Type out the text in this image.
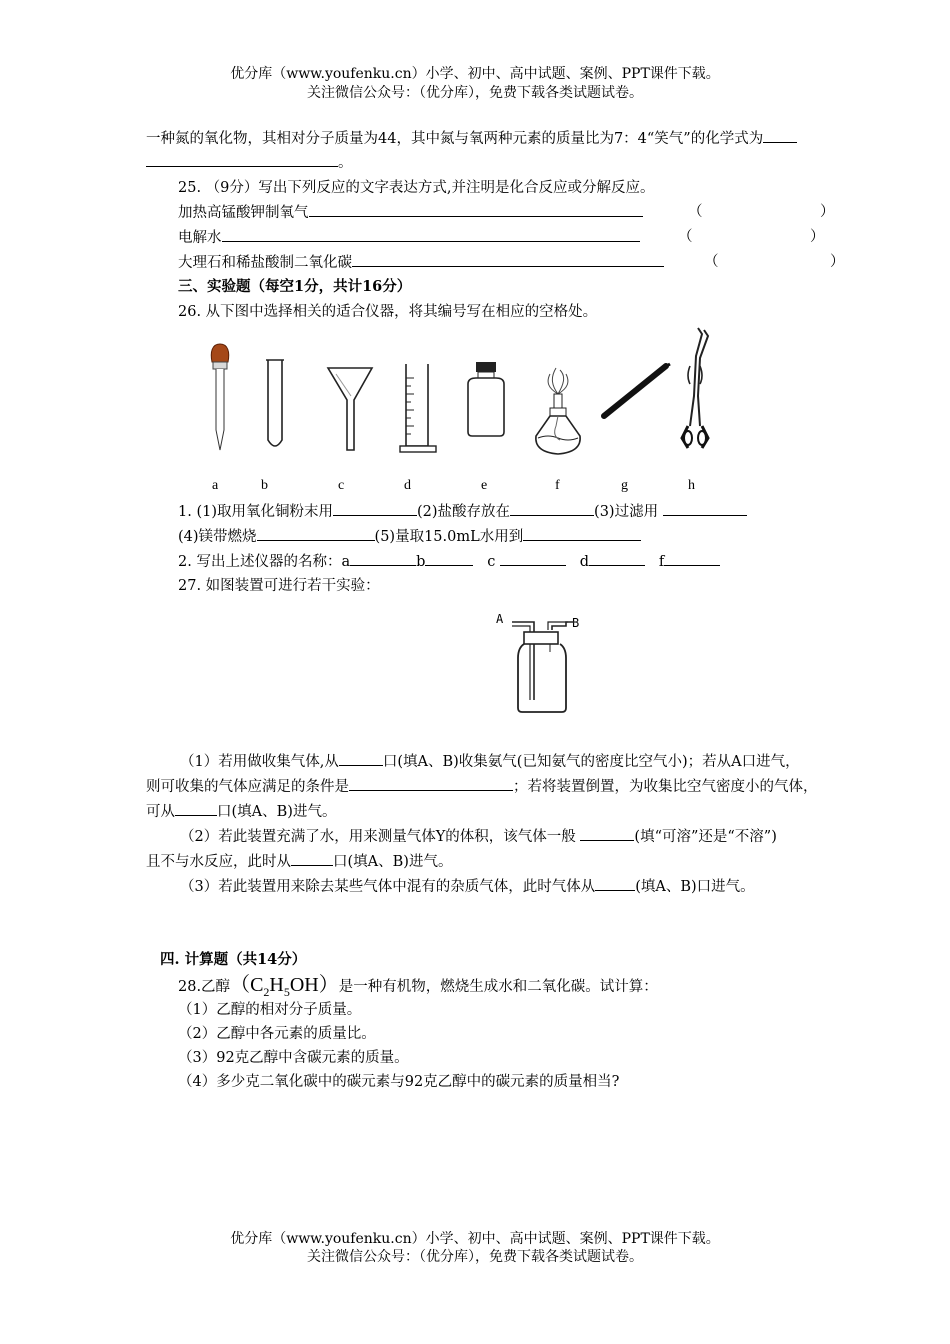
优分库（www.youfenku.cn）小学、初中、高中试题、案例、PPT课件下载。
关注微信公众号：（优分库），免费下载各类试题试卷。
一种氮的氧化物，其相对分子质量为44，其中氮与氧两种元素的质量比为7：4“笑气”的化学式为
。
25. （9分）写出下列反应的文字表达方式,并注明是化合反应或分解反应。
加热高锰酸钾制氧气	（	）
电解水	（	）
大理石和稀盐酸制二氧化碳	（	）
三、实验题（每空1分，共计16分）
26. 从下图中选择相关的适合仪器，将其编号写在相应的空格处。
a	b	c	d	e	f	g	h
1. (1)取用氧化铜粉末用	(2)盐酸存放在	(3)过滤用
(4)镁带燃烧	(5)量取15.0mL水用到
2. 写出上述仪器的名称：a	b	c	d	f
27. 如图装置可进行若干实验：
A	B
（1）若用做收集气体,从	口(填A、B)收集氨气(已知氨气的密度比空气小)；若从A口进气，
则可收集的气体应满足的条件是	；若将装置倒置，为收集比空气密度小的气体，
可从	口(填A、B)进气。
（2）若此装置充满了水，用来测量气体Y的体积，该气体一般	(填“可溶”还是“不溶”)
且不与水反应，此时从	口(填A、B)进气。
（3）若此装置用来除去某些气体中混有的杂质气体，此时气体从	(填A、B)口进气。
四. 计算题（共14分）
28.乙醇$(C_2H_5OH)$是一种有机物，燃烧生成水和二氧化碳。试计算：
（1）乙醇的相对分子质量。
（2）乙醇中各元素的质量比。
（3）92克乙醇中含碳元素的质量。
（4）多少克二氧化碳中的碳元素与92克乙醇中的碳元素的质量相当?
优分库（www.youfenku.cn）小学、初中、高中试题、案例、PPT课件下载。
关注微信公众号：（优分库），免费下载各类试题试卷。
